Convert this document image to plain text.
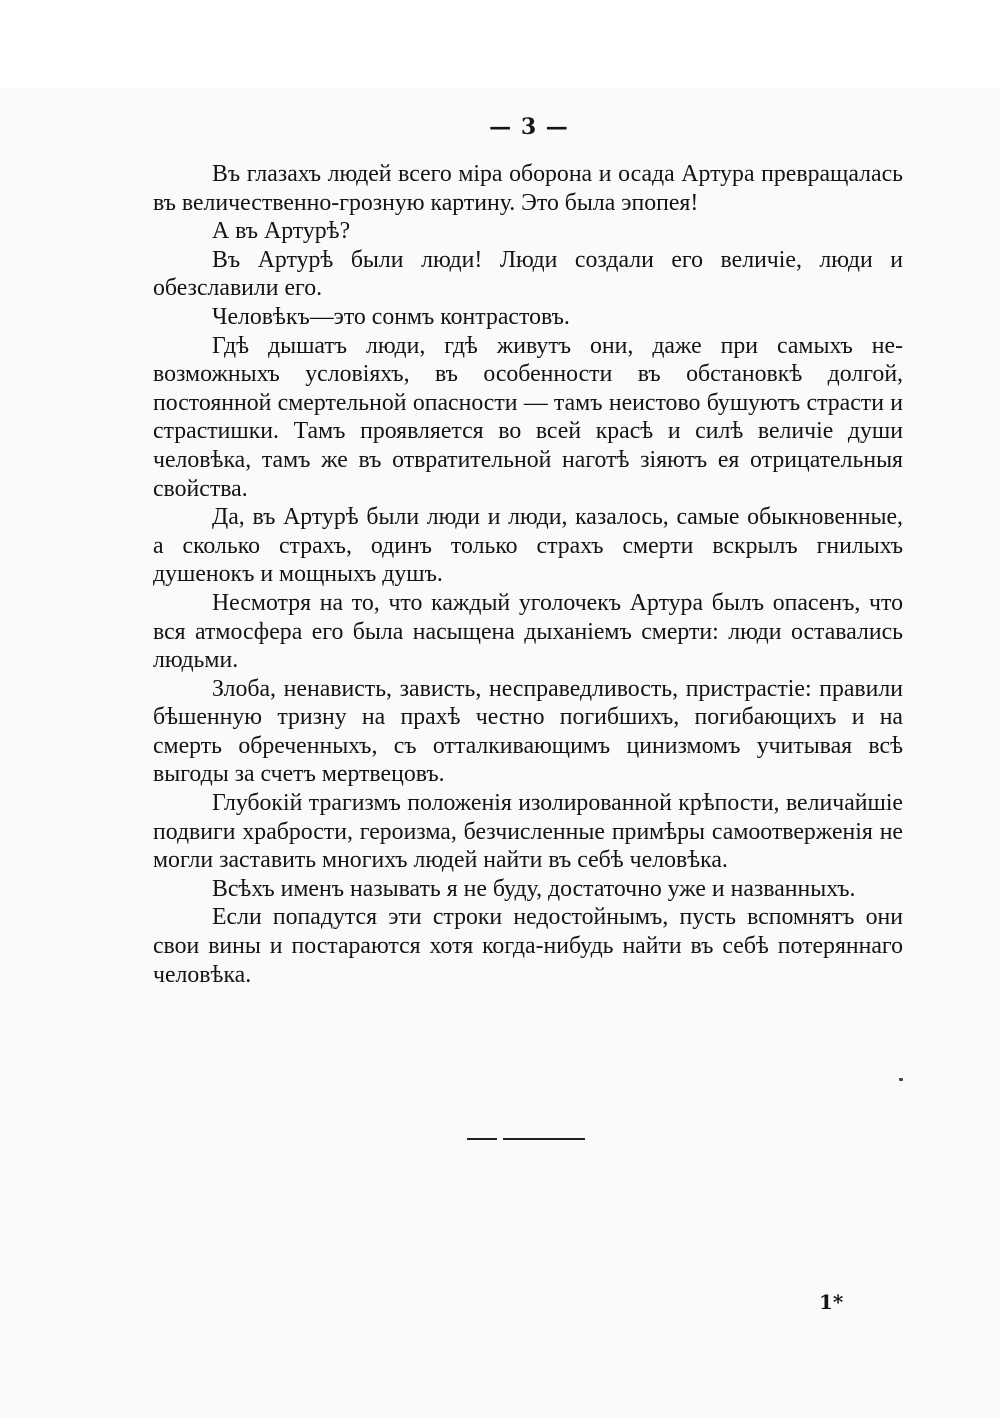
— 3 —

Въ глазахъ людей всего міра оборона и осада Артура превращалась въ величественно-грозную картину. Это была эпопея!

А въ Артурѣ?

Въ Артурѣ были люди! Люди создали его величіе, люди и обезславили его.

Человѣкъ—это сонмъ контрастовъ.

Гдѣ дышатъ люди, гдѣ живутъ они, даже при самыхъ невозможныхъ условіяхъ, въ особенности въ обстановкѣ долгой, постоянной смертельной опасности — тамъ неистово бушуютъ страсти и страстишки. Тамъ проявляется во всей красѣ и силѣ величіе души человѣка, тамъ же въ отвратительной наготѣ зіяютъ ея отрицательныя свойства.

Да, въ Артурѣ были люди и люди, казалось, самые обыкновенные, а сколько страхъ, одинъ только страхъ смерти вскрылъ гнилыхъ душенокъ и мощныхъ душъ.

Несмотря на то, что каждый уголочекъ Артура былъ опасенъ, что вся атмосфера его была насыщена дыханіемъ смерти: люди оставались людьми.

Злоба, ненависть, зависть, несправедливость, пристрастіе: правили бѣшенную тризну на прахѣ честно погибшихъ, погибающихъ и на смерть обреченныхъ, съ отталкивающимъ цинизмомъ учитывая всѣ выгоды за счетъ мертвецовъ.

Глубокій трагизмъ положенія изолированной крѣпости, величайшіе подвиги храбрости, героизма, безчисленные примѣры самоотверженія не могли заставить многихъ людей найти въ себѣ человѣка.

Всѣхъ именъ называть я не буду, достаточно уже и названныхъ.

Если попадутся эти строки недостойнымъ, пусть вспомнятъ они свои вины и постараются хотя когда-нибудь найти въ себѣ потеряннаго человѣка.

1*
